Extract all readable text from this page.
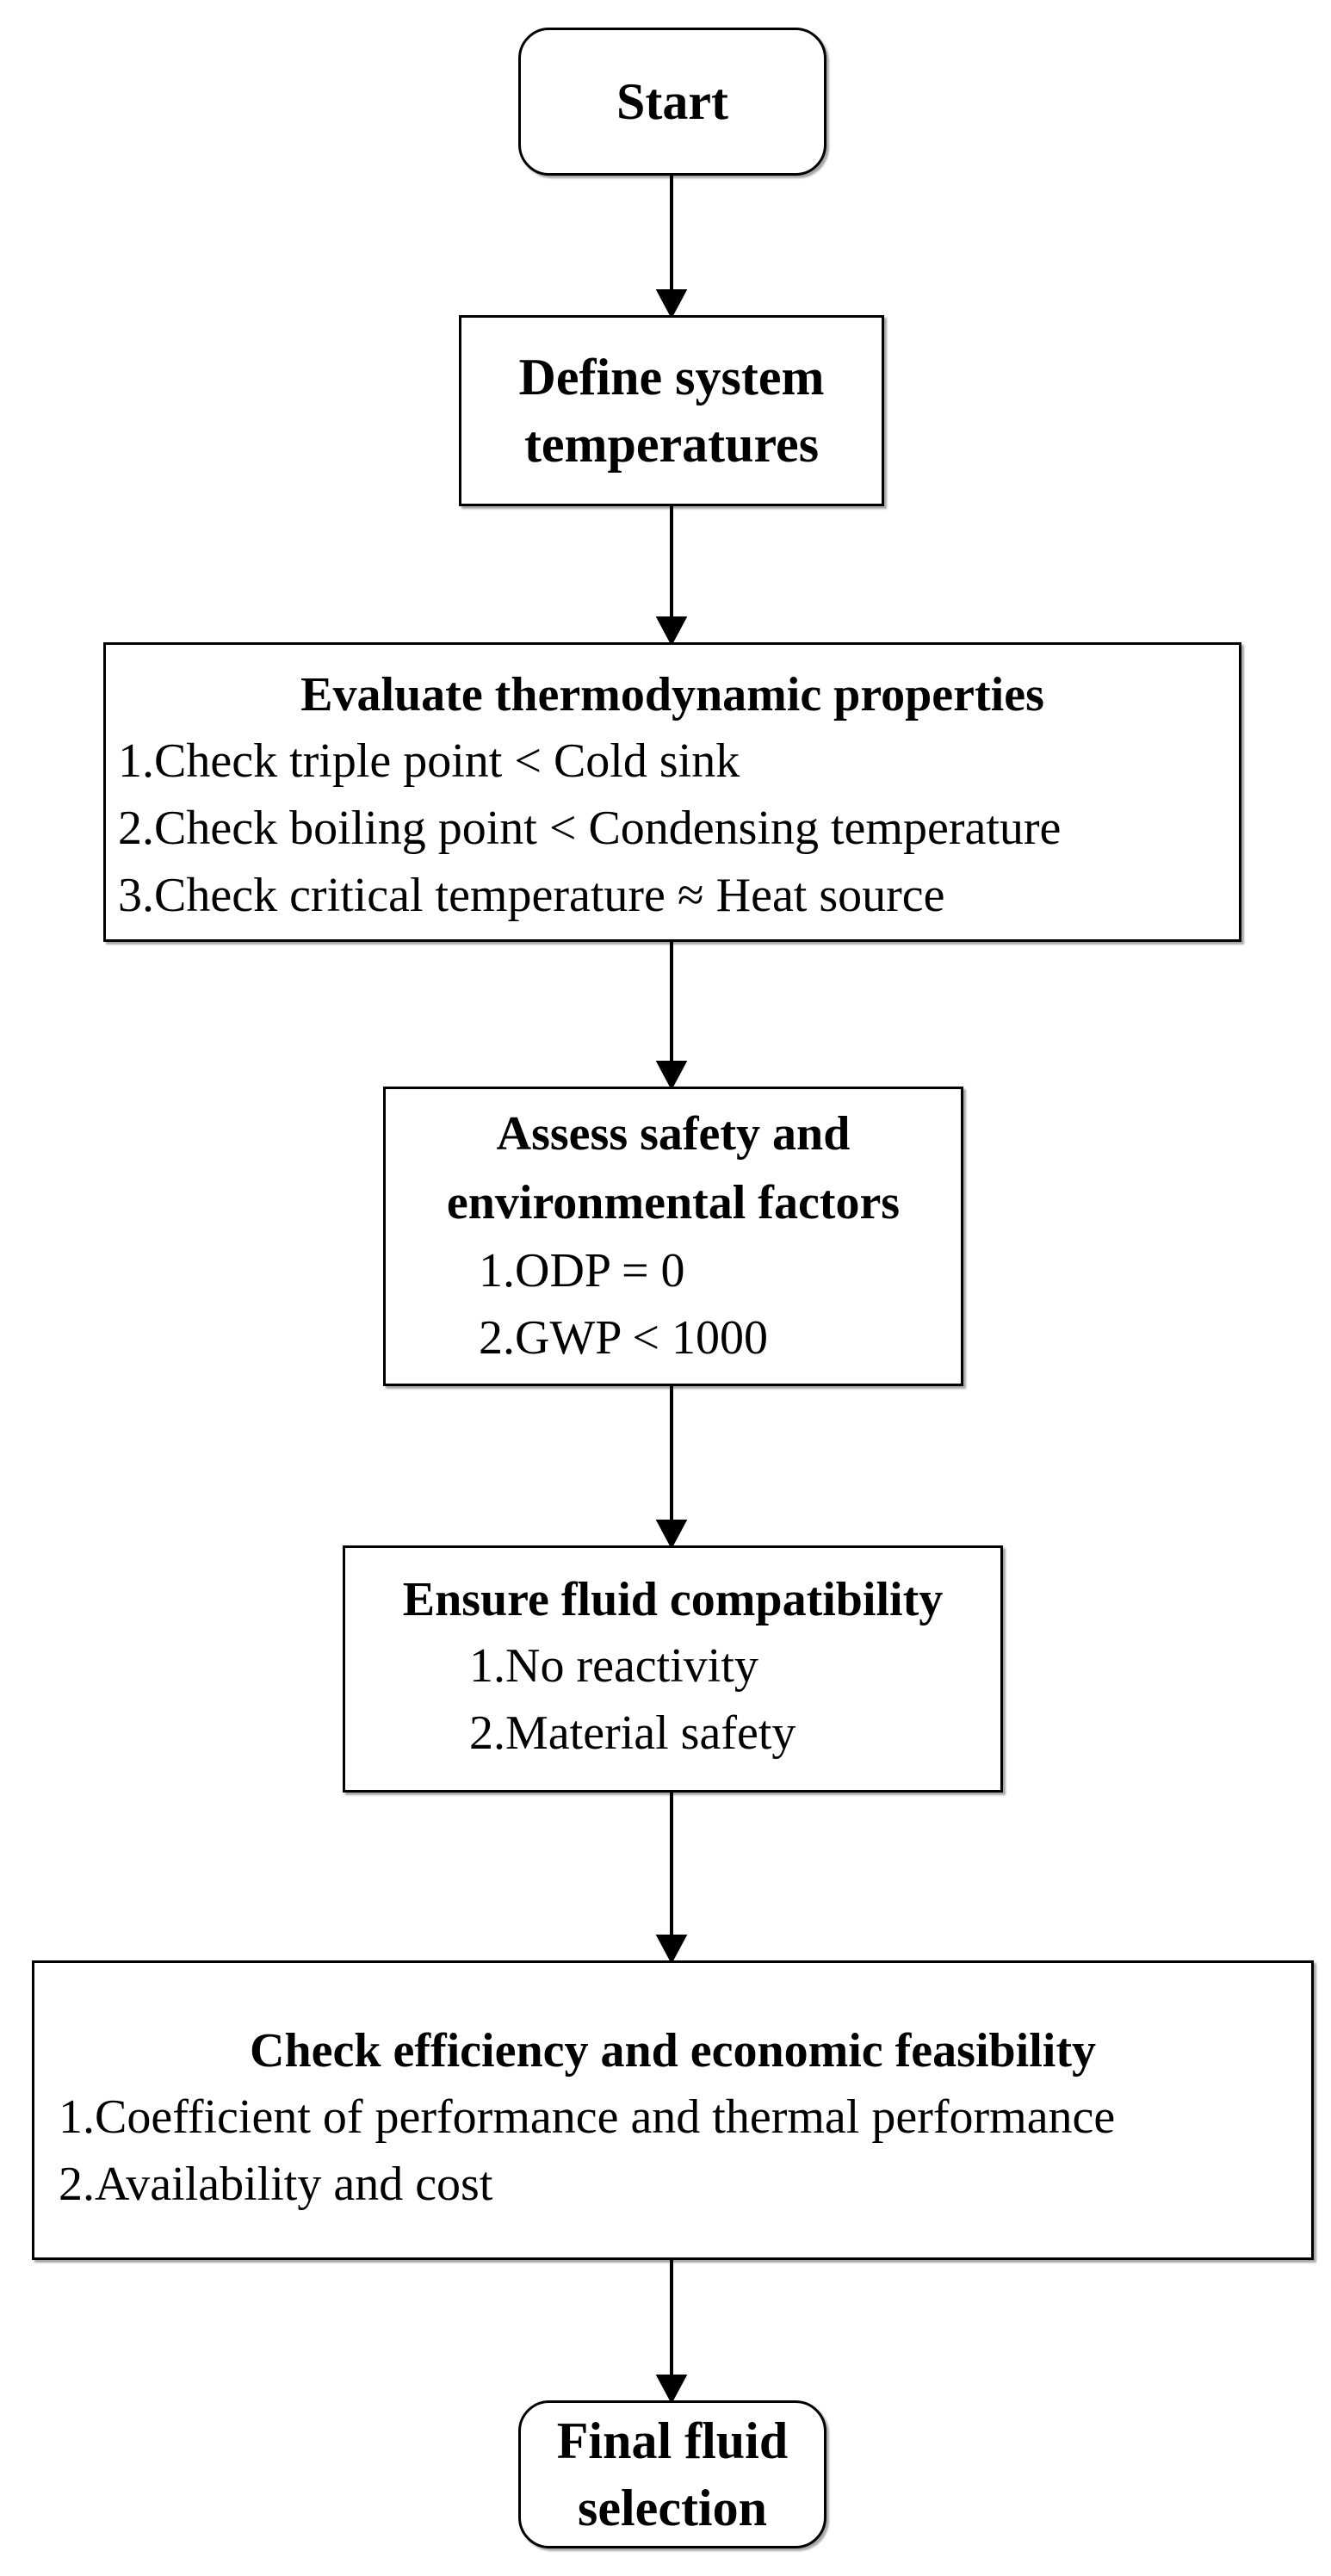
Start
Define system
temperatures
Evaluate thermodynamic properties
1.Check triple point < Cold sink
2.Check boiling point < Condensing temperature
3.Check critical temperature ≈ Heat source
Assess safety and
environmental factors
1.ODP = 0
2.GWP < 1000
Ensure fluid compatibility
1.No reactivity
2.Material safety
Check efficiency and economic feasibility
1.Coefficient of performance and thermal performance
2.Availability and cost
Final fluid
selection
